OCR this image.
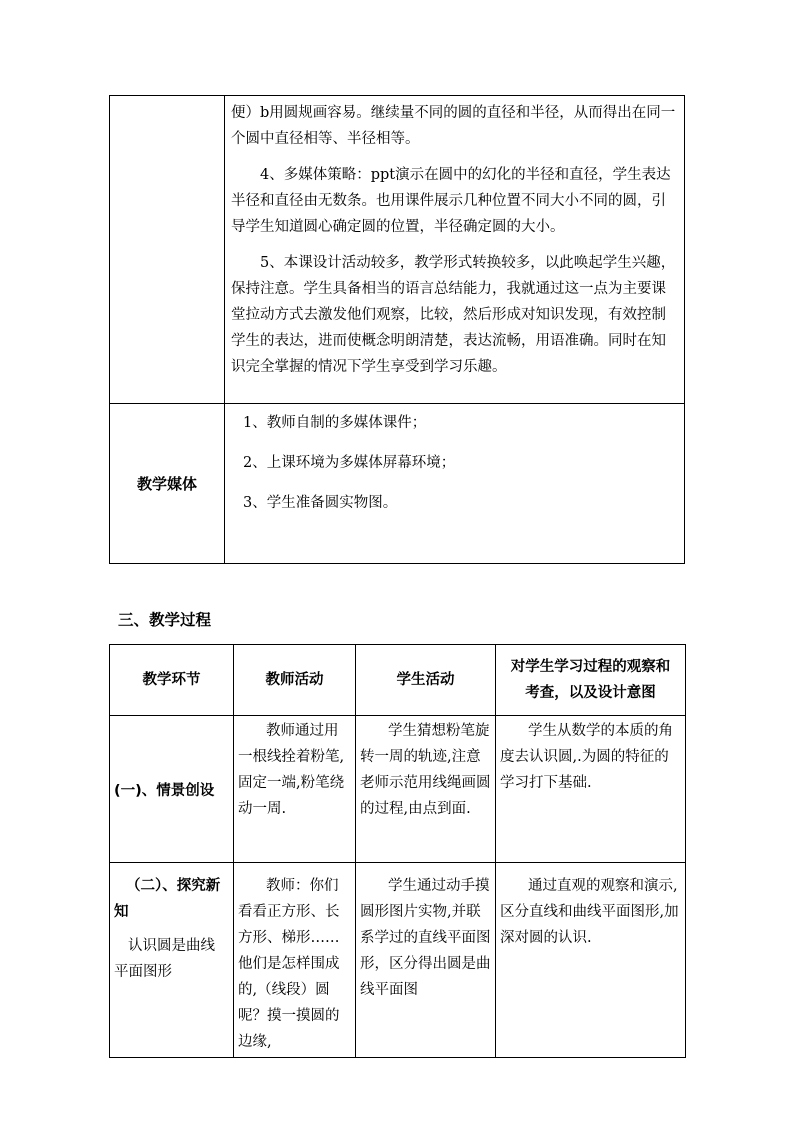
	便）b用圆规画容易。继续量不同的圆的直径和半径，从而得出在同一个圆中直径相等、半径相等。

4、多媒体策略：ppt演示在圆中的幻化的半径和直径，学生表达半径和直径由无数条。也用课件展示几种位置不同大小不同的圆，引导学生知道圆心确定圆的位置，半径确定圆的大小。

5、本课设计活动较多，教学形式转换较多，以此唤起学生兴趣，保持注意。学生具备相当的语言总结能力，我就通过这一点为主要课堂拉动方式去激发他们观察，比较，然后形成对知识发现，有效控制学生的表达，进而使概念明朗清楚，表达流畅，用语准确。同时在知识完全掌握的情况下学生享受到学习乐趣。

教学媒体	1、教师自制的多媒体课件；

2、上课环境为多媒体屏幕环境；

3、学生准备圆实物图。

三、教学过程
教学环节	教师活动	学生活动	对学生学习过程的观察和考查，以及设计意图
(一)、情景创设	教师通过用一根线拴着粉笔,固定一端,粉笔绕动一周.	学生猜想粉笔旋转一周的轨迹,注意老师示范用线绳画圆的过程,由点到面.	学生从数学的本质的角度去认识圆,.为圆的特征的学习打下基础.

（二）、探究新知
认识圆是曲线平面图形	教师：你们看看正方形、长方形、梯形……他们是怎样围成的,（线段）圆呢？摸一摸圆的边缘,	学生通过动手摸圆形图片实物,并联系学过的直线平面图形，区分得出圆是曲线平面图	通过直观的观察和演示,区分直线和曲线平面图形,加深对圆的认识.
